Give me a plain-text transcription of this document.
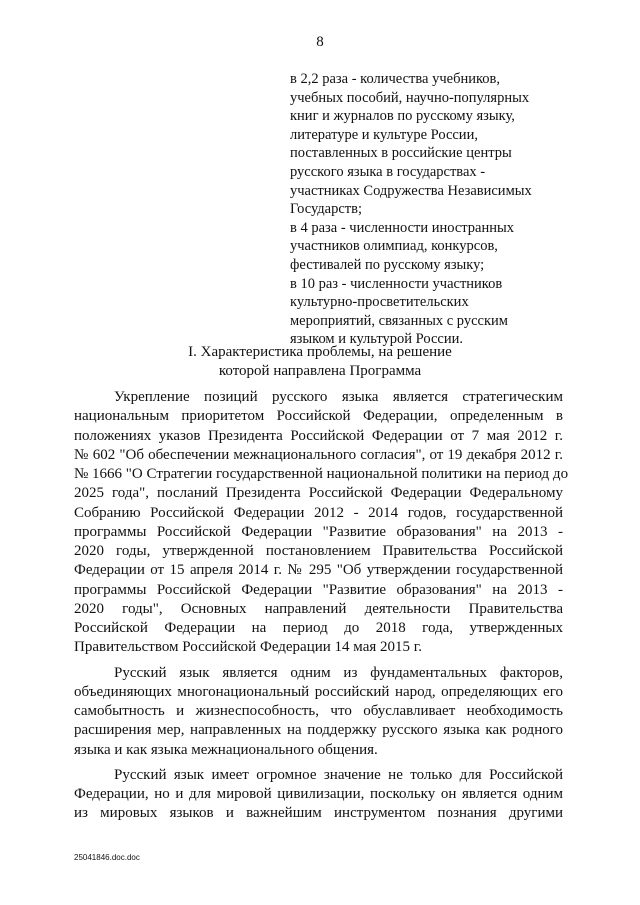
8
в 2,2 раза - количества учебников,
учебных пособий, научно-популярных
книг и журналов по русскому языку,
литературе и культуре России,
поставленных в российские центры
русского языка в государствах -
участниках Содружества Независимых
Государств;
в 4 раза - численности иностранных
участников олимпиад, конкурсов,
фестивалей по русскому языку;
в 10 раз - численности участников
культурно-просветительских
мероприятий, связанных с русским
языком и культурой России.
I. Характеристика проблемы, на решение
которой направлена Программа
Укрепление позиций русского языка является стратегическим
национальным приоритетом Российской Федерации, определенным в
положениях указов Президента Российской Федерации от 7 мая 2012 г.
№ 602 "Об обеспечении межнационального согласия", от 19 декабря 2012 г.
№ 1666 "О Стратегии государственной национальной политики на период до
2025 года", посланий Президента Российской Федерации Федеральному
Собранию Российской Федерации 2012 - 2014 годов, государственной
программы Российской Федерации "Развитие образования" на 2013 -
2020 годы, утвержденной постановлением Правительства Российской
Федерации от 15 апреля 2014 г. № 295 "Об утверждении государственной
программы Российской Федерации "Развитие образования" на 2013 -
2020 годы", Основных направлений деятельности Правительства
Российской Федерации на период до 2018 года, утвержденных
Правительством Российской Федерации 14 мая 2015 г.
Русский язык является одним из фундаментальных факторов,
объединяющих многонациональный российский народ, определяющих его
самобытность и жизнеспособность, что обуславливает необходимость
расширения мер, направленных на поддержку русского языка как родного
языка и как языка межнационального общения.
Русский язык имеет огромное значение не только для Российской
Федерации, но и для мировой цивилизации, поскольку он является одним
из мировых языков и важнейшим инструментом познания другими
25041846.doc.doc
